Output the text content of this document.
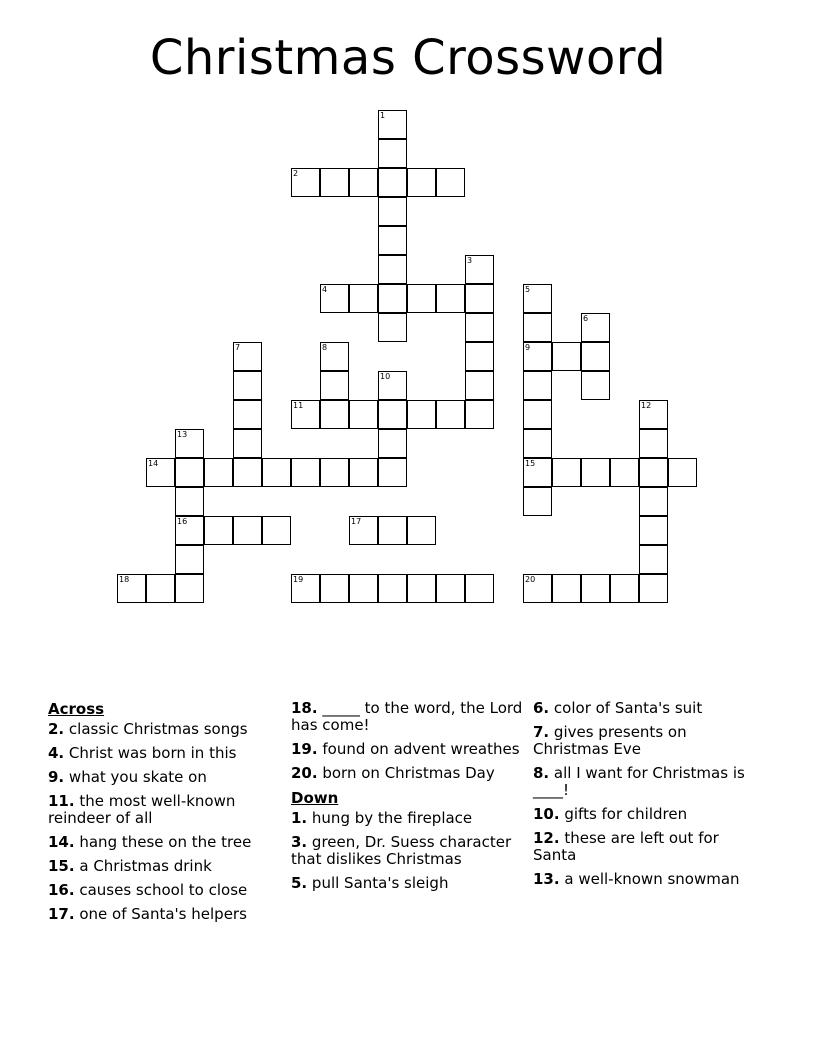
Christmas Crossword
1
2
3
4	5
6
7	8	9
10
11	12
13
14	15
16	17
18	19	20
Across
2. classic Christmas songs
4. Christ was born in this
9. what you skate on
11. the most well-known reindeer of all
14. hang these on the tree
15. a Christmas drink
16. causes school to close
17. one of Santa's helpers
18. _____ to the word, the Lord has come!
19. found on advent wreathes
20. born on Christmas Day
Down
1. hung by the fireplace
3. green, Dr. Suess character that dislikes Christmas
5. pull Santa's sleigh
6. color of Santa's suit
7. gives presents on Christmas Eve
8. all I want for Christmas is ____!
10. gifts for children
12. these are left out for Santa
13. a well-known snowman
